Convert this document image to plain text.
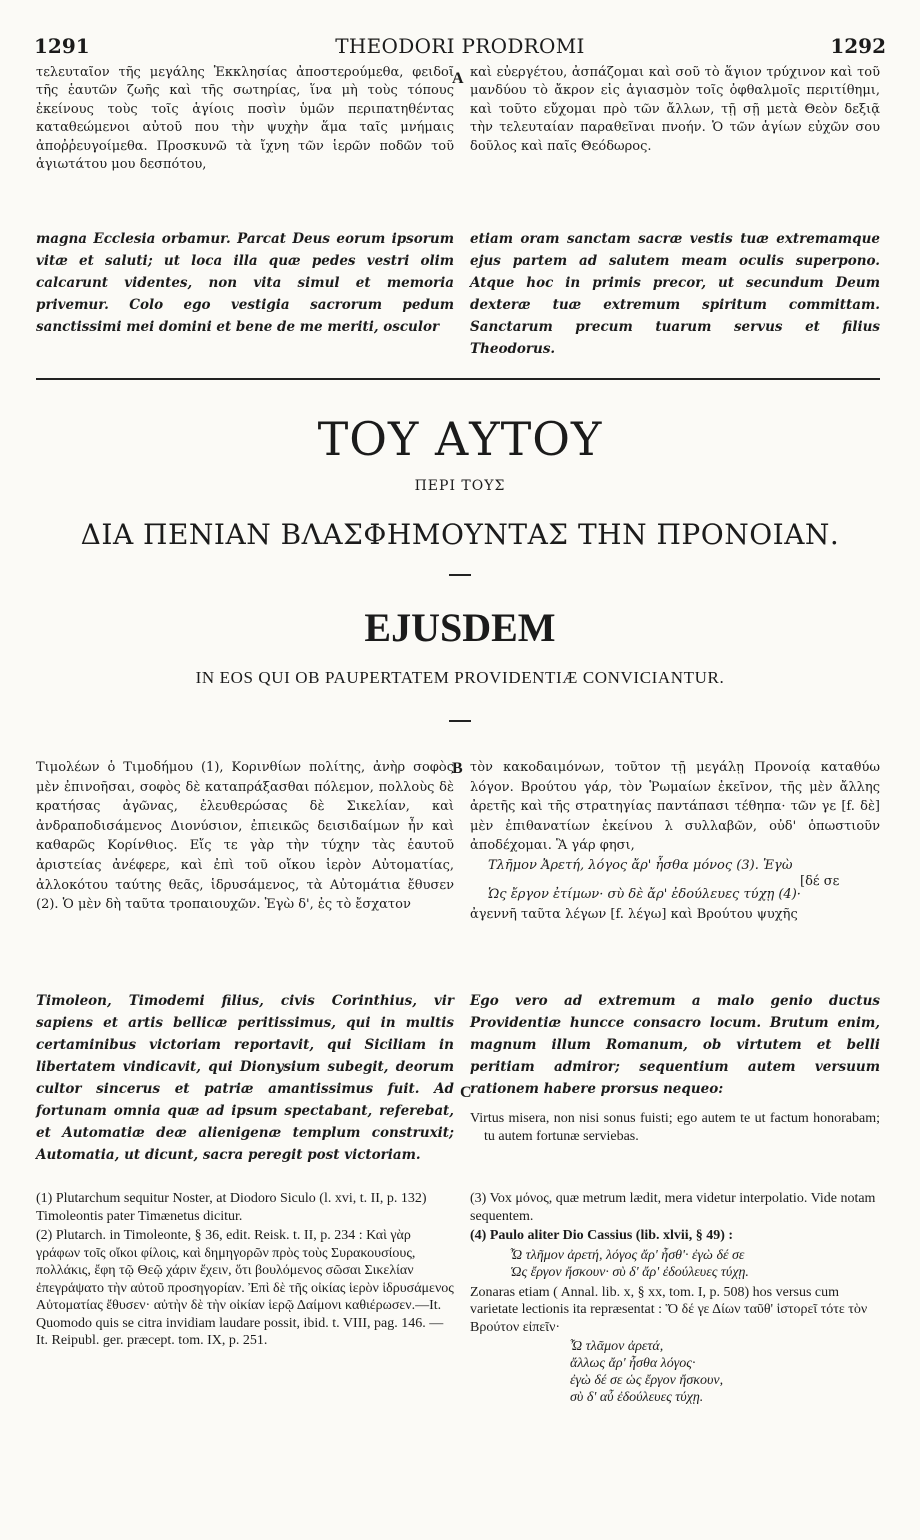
1291	THEODORI PRODROMI	1292

τελευταῖον τῆς μεγάλης Ἐκκλησίας ἀποστερούμεθα, φειδοῖ τῆς ἑαυτῶν ζωῆς καὶ τῆς σωτηρίας, ἵνα μὴ τοὺς τόπους ἐκείνους τοὺς τοῖς ἁγίοις ποσὶν ὑμῶν περιπατηθέντας καταθεώμενοι αὐτοῦ που τὴν ψυχὴν ἅμα ταῖς μνήμαις ἀποῤῥευγοίμεθα. Προσκυνῶ τὰ ἴχνη τῶν ἱερῶν ποδῶν τοῦ ἁγιωτάτου μου δεσπότου,

A καὶ εὐεργέτου, ἀσπάζομαι καὶ σοῦ τὸ ἅγιον τρύχινον καὶ τοῦ μανδύου τὸ ἄκρον εἰς ἁγιασμὸν τοῖς ὀφθαλμοῖς περιτίθημι, καὶ τοῦτο εὔχομαι πρὸ τῶν ἄλλων, τῇ σῇ μετὰ Θεὸν δεξιᾷ τὴν τελευταίαν παραθεῖναι πνοήν. Ὁ τῶν ἁγίων εὐχῶν σου δοῦλος καὶ παῖς Θεόδωρος.

magna Ecclesia orbamur. Parcat Deus eorum ipsorum vitæ et saluti; ut loca illa quæ pedes vestri olim calcarunt videntes, non vita simul et memoria privemur. Colo ego vestigia sacrorum pedum sanctissimi mei domini et bene de me meriti, osculor

etiam oram sanctam sacræ vestis tuæ extremamque ejus partem ad salutem meam oculis superpono. Atque hoc in primis precor, ut secundum Deum dexteræ tuæ extremum spiritum committam. Sanctarum precum tuarum servus et filius Theodorus.

ΤΟΥ ΑΥΤΟΥ
ΠΕΡΙ ΤΟΥΣ
ΔΙΑ ΠΕΝΙΑΝ ΒΛΑΣΦΗΜΟΥΝΤΑΣ ΤΗΝ ΠΡΟΝΟΙΑΝ.
EJUSDEM
IN EOS QUI OB PAUPERTATEM PROVIDENTIÆ CONVICIANTUR.

Τιμολέων ὁ Τιμοδήμου (1), Κορινθίων πολίτης, ἀνὴρ σοφὸς μὲν ἐπινοῆσαι, σοφὸς δὲ καταπράξασθαι πόλεμον, πολλοὺς δὲ κρατήσας ἀγῶνας, ἐλευθερώσας δὲ Σικελίαν, καὶ ἀνδραποδισάμενος Διονύσιον, ἐπιεικῶς δεισιδαίμων ἦν καὶ καθαρῶς Κορίνθιος. Εἴς τε γὰρ τὴν τύχην τὰς ἑαυτοῦ ἀριστείας ἀνέφερε, καὶ ἐπὶ τοῦ οἴκου ἱερὸν Αὐτοματίας, ἀλλοκότου ταύτης θεᾶς, ἱδρυσάμενος, τὰ Αὐτομάτια ἔθυσεν (2). Ὁ μὲν δὴ ταῦτα τροπαιουχῶν. Ἐγὼ δ', ἐς τὸ ἔσχατον

B τὸν κακοδαιμόνων, τοῦτον τῇ μεγάλῃ Προνοίᾳ καταθύω λόγον. Βρούτου γάρ, τὸν Ῥωμαίων ἐκεῖνον, τῆς μὲν ἄλλης ἀρετῆς καὶ τῆς στρατηγίας παντάπασι τέθηπα· τῶν γε [f. δὲ] μὲν ἐπιθανατίων ἐκείνου λ συλλαβῶν, οὐδ' ὁπωστιοῦν ἀποδέχομαι. Ἃ γάρ φησι,

Τλῆμον Ἀρετή, λόγος ἄρ' ἦσθα μόνος (3). Ἐγὼ

[δέ σε

Ὡς ἔργον ἐτίμων· σὺ δὲ ἄρ' ἐδούλευες τύχῃ (4)·

ἀγεννῆ ταῦτα λέγων [f. λέγω] καὶ Βρούτου ψυχῆς

Timoleon, Timodemi filius, civis Corinthius, vir sapiens et artis bellicæ peritissimus, qui in multis certaminibus victoriam reportavit, qui Siciliam in libertatem vindicavit, qui Dionysium subegit, deorum cultor sincerus et patriæ amantissimus fuit. Ad fortunam omnia quæ ad ipsum spectabant, referebat, et Automatiæ deæ alienigenæ templum construxit; Automatia, ut dicunt, sacra peregit post victoriam.

C

Ego vero ad extremum a malo genio ductus Providentiæ huncce consacro locum. Brutum enim, magnum illum Romanum, ob virtutem et belli peritiam admiror; sequentium autem versuum rationem habere prorsus nequeo:

Virtus misera, non nisi sonus fuisti; ego autem te ut factum honorabam; tu autem fortunæ serviebas.

(1) Plutarchum sequitur Noster, at Diodoro Siculo (l. xvi, t. II, p. 132) Timoleontis pater Timænetus dicitur.

(2) Plutarch. in Timoleonte, § 36, edit. Reisk. t. II, p. 234 : Καὶ γὰρ γράφων τοῖς οἴκοι φίλοις, καὶ δημηγορῶν πρὸς τοὺς Συρακουσίους, πολλάκις, ἔφη τῷ Θεῷ χάριν ἔχειν, ὅτι βουλόμενος σῶσαι Σικελίαν ἐπεγράψατο τὴν αὐτοῦ προσηγορίαν. Ἐπὶ δὲ τῆς οἰκίας ἱερὸν ἱδρυσάμενος Αὐτοματίας ἔθυσεν· αὐτὴν δὲ τὴν οἰκίαν ἱερῷ Δαίμονι καθιέρωσεν.—It. Quomodo quis se citra invidiam laudare possit, ibid. t. VIII, pag. 146. — It. Reipubl. ger. præcept. tom. IX, p. 251.

(3) Vox μόνος, quæ metrum lædit, mera videtur interpolatio. Vide notam sequentem.

(4) Paulo aliter Dio Cassius (lib. xlvii, § 49) :

Ὦ τλῆμον ἀρετή, λόγος ἄρ' ἦσθ'· ἐγὼ δέ σε

Ὡς ἔργον ἤσκουν· σὺ δ' ἄρ' ἐδούλευες τύχῃ.

Zonaras etiam ( Annal. lib. x, § xx, tom. I, p. 508) hos versus cum varietate lectionis ita repræsentat : Ὅ δέ γε Δίων ταῦθ' ἱστορεῖ τότε τὸν Βρούτον εἰπεῖν·

Ὦ τλᾶμον ἀρετά,
ἄλλως ἄρ' ἦσθα λόγος·
ἐγὼ δέ σε ὡς ἔργον ἤσκουν,
σὺ δ' αὖ ἐδούλευες τύχῃ.
